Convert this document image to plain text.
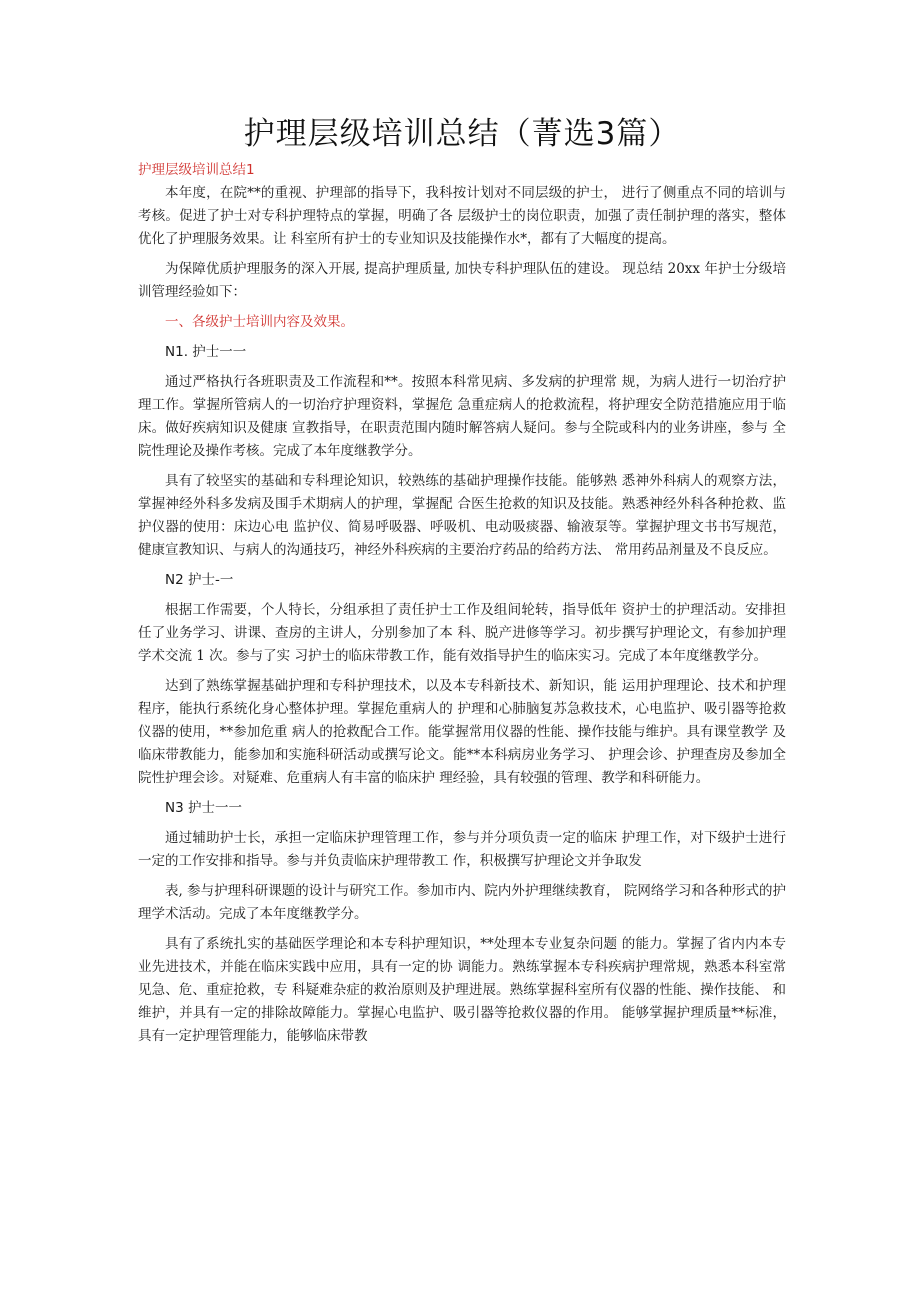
护理层级培训总结（菁选3篇）
护理层级培训总结1

本年度，在院**的重视、护理部的指导下，我科按计划对不同层级的护士， 进行了侧重点不同的培训与考核。促进了护士对专科护理特点的掌握，明确了各 层级护士的岗位职责，加强了责任制护理的落实，整体优化了护理服务效果。让 科室所有护士的专业知识及技能操作水*，都有了大幅度的提高。

为保障优质护理服务的深入开展, 提高护理质量, 加快专科护理队伍的建设。 现总结 20xx 年护士分级培训管理经验如下：

一、各级护士培训内容及效果。

N1. 护士一一

通过严格执行各班职责及工作流程和**。按照本科常见病、多发病的护理常 规，为病人进行一切治疗护理工作。掌握所管病人的一切治疗护理资料，掌握危 急重症病人的抢救流程，将护理安全防范措施应用于临床。做好疾病知识及健康 宣教指导，在职责范围内随时解答病人疑问。参与全院或科内的业务讲座，参与 全院性理论及操作考核。完成了本年度继教学分。

具有了较坚实的基础和专科理论知识，较熟练的基础护理操作技能。能够熟 悉神外科病人的观察方法，掌握神经外科多发病及围手术期病人的护理，掌握配 合医生抢救的知识及技能。熟悉神经外科各种抢救、监护仪器的使用：床边心电 监护仪、简易呼吸器、呼吸机、电动吸痰器、输液泵等。掌握护理文书书写规范， 健康宣教知识、与病人的沟通技巧，神经外科疾病的主要治疗药品的给药方法、 常用药品剂量及不良反应。

N2 护士-一

根据工作需要，个人特长，分组承担了责任护士工作及组间轮转，指导低年 资护士的护理活动。安排担任了业务学习、讲课、查房的主讲人，分别参加了本 科、脱产进修等学习。初步撰写护理论文，有参加护理学术交流 1 次。参与了实 习护士的临床带教工作，能有效指导护生的临床实习。完成了本年度继教学分。

达到了熟练掌握基础护理和专科护理技术，以及本专科新技术、新知识，能 运用护理理论、技术和护理程序，能执行系统化身心整体护理。掌握危重病人的 护理和心肺脑复苏急救技术，心电监护、吸引器等抢救仪器的使用，**参加危重 病人的抢救配合工作。能掌握常用仪器的性能、操作技能与维护。具有课堂教学 及临床带教能力，能参加和实施科研活动或撰写论文。能**本科病房业务学习、 护理会诊、护理查房及参加全院性护理会诊。对疑难、危重病人有丰富的临床护 理经验，具有较强的管理、教学和科研能力。

N3 护士一一

通过辅助护士长，承担一定临床护理管理工作，参与并分项负责一定的临床 护理工作，对下级护士进行一定的工作安排和指导。参与并负责临床护理带教工 作，积极撰写护理论文并争取发

表, 参与护理科研课题的设计与研究工作。参加市内、院内外护理继续教育， 院网络学习和各种形式的护理学术活动。完成了本年度继教学分。

具有了系统扎实的基础医学理论和本专科护理知识，**处理本专业复杂问题 的能力。掌握了省内内本专业先进技术，并能在临床实践中应用，具有一定的协 调能力。熟练掌握本专科疾病护理常规，熟悉本科室常见急、危、重症抢救，专 科疑难杂症的救治原则及护理进展。熟练掌握科室所有仪器的性能、操作技能、 和维护，并具有一定的排除故障能力。掌握心电监护、吸引器等抢救仪器的作用。 能够掌握护理质量**标准，具有一定护理管理能力，能够临床带教
